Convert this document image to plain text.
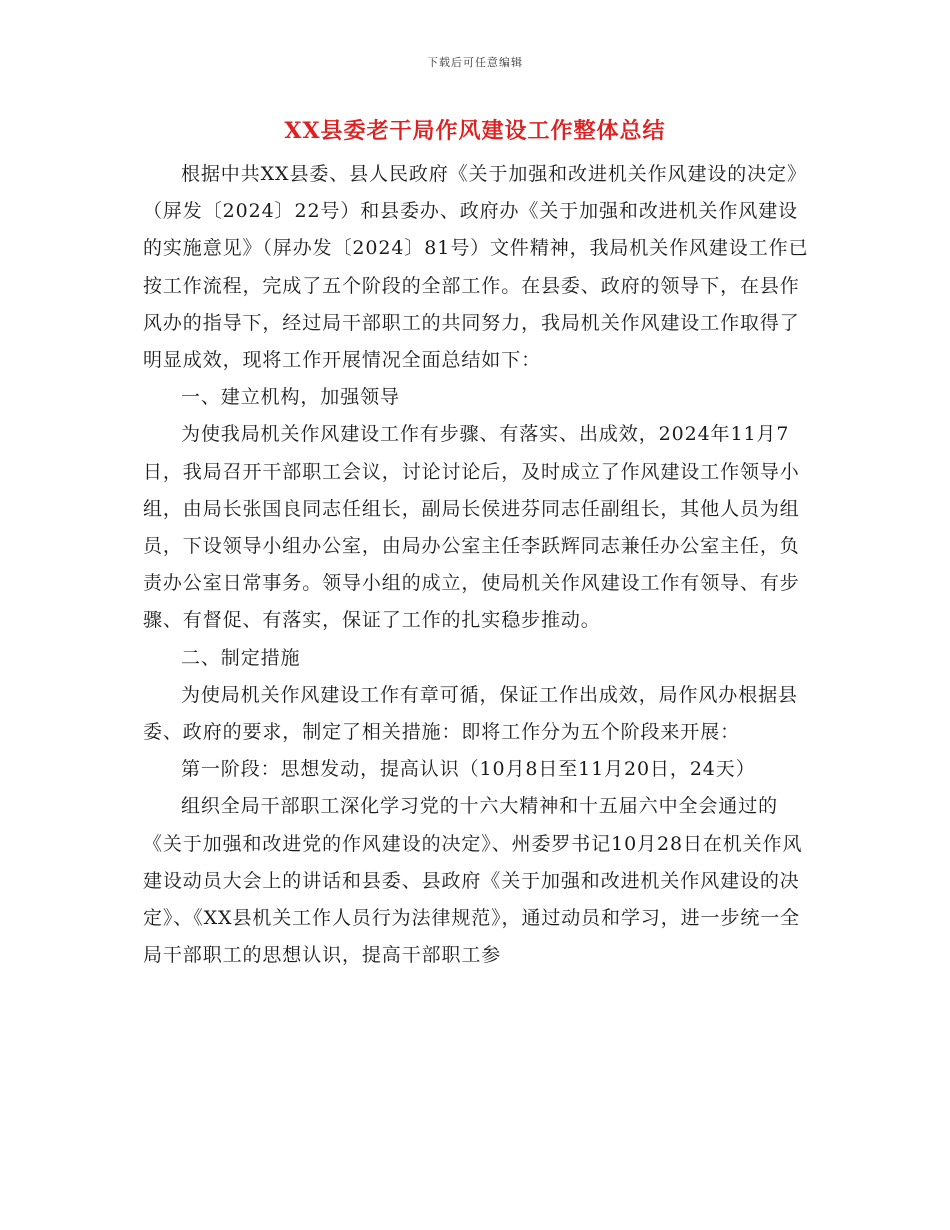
下载后可任意编辑
XX县委老干局作风建设工作整体总结

根据中共XX县委、县人民政府《关于加强和改进机关作风建设的决定》（屏发〔2024〕22号）和县委办、政府办《关于加强和改进机关作风建设的实施意见》（屏办发〔2024〕81号）文件精神，我局机关作风建设工作已按工作流程，完成了五个阶段的全部工作。在县委、政府的领导下，在县作风办的指导下，经过局干部职工的共同努力，我局机关作风建设工作取得了明显成效，现将工作开展情况全面总结如下：

一、建立机构，加强领导

为使我局机关作风建设工作有步骤、有落实、出成效，2024年11月7日，我局召开干部职工会议，讨论讨论后，及时成立了作风建设工作领导小组，由局长张国良同志任组长，副局长侯进芬同志任副组长，其他人员为组员，下设领导小组办公室，由局办公室主任李跃辉同志兼任办公室主任，负责办公室日常事务。领导小组的成立，使局机关作风建设工作有领导、有步骤、有督促、有落实，保证了工作的扎实稳步推动。

二、制定措施

为使局机关作风建设工作有章可循，保证工作出成效，局作风办根据县委、政府的要求，制定了相关措施：即将工作分为五个阶段来开展：

第一阶段：思想发动，提高认识（10月8日至11月20日，24天）

组织全局干部职工深化学习党的十六大精神和十五届六中全会通过的《关于加强和改进党的作风建设的决定》、州委罗书记10月28日在机关作风建设动员大会上的讲话和县委、县政府《关于加强和改进机关作风建设的决定》、《XX县机关工作人员行为法律规范》，通过动员和学习，进一步统一全局干部职工的思想认识，提高干部职工参
